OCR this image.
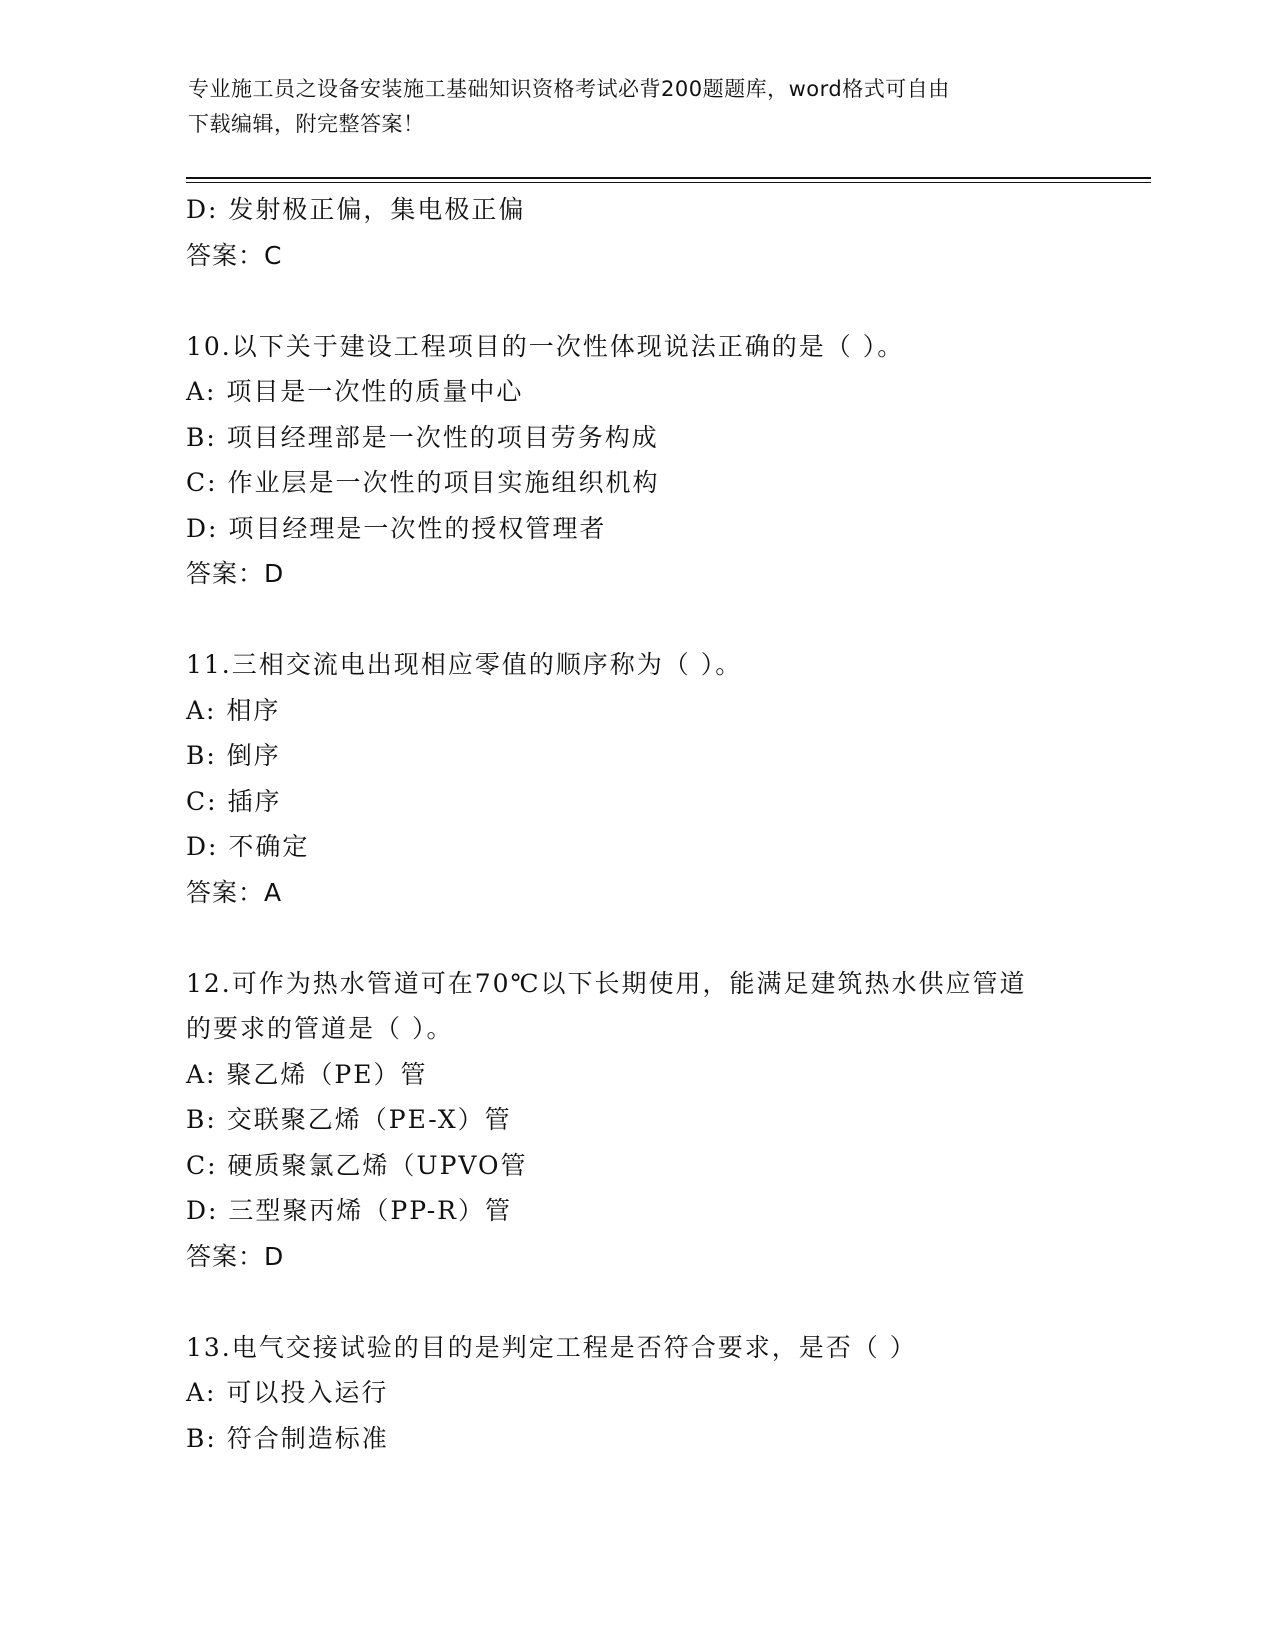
专业施工员之设备安装施工基础知识资格考试必背200题题库，word格式可自由
下载编辑，附完整答案！
D: 发射极正偏，集电极正偏
答案：C
10.以下关于建设工程项目的一次性体现说法正确的是（ ）。
A: 项目是一次性的质量中心
B: 项目经理部是一次性的项目劳务构成
C: 作业层是一次性的项目实施组织机构
D: 项目经理是一次性的授权管理者
答案：D
11.三相交流电出现相应零值的顺序称为（ ）。
A: 相序
B: 倒序
C: 插序
D: 不确定
答案：A
12.可作为热水管道可在70℃以下长期使用，能满足建筑热水供应管道
的要求的管道是（ ）。
A: 聚乙烯（PE）管
B: 交联聚乙烯（PE-X）管
C: 硬质聚氯乙烯（UPVO管
D: 三型聚丙烯（PP-R）管
答案：D
13.电气交接试验的目的是判定工程是否符合要求，是否（ ）
A: 可以投入运行
B: 符合制造标准
